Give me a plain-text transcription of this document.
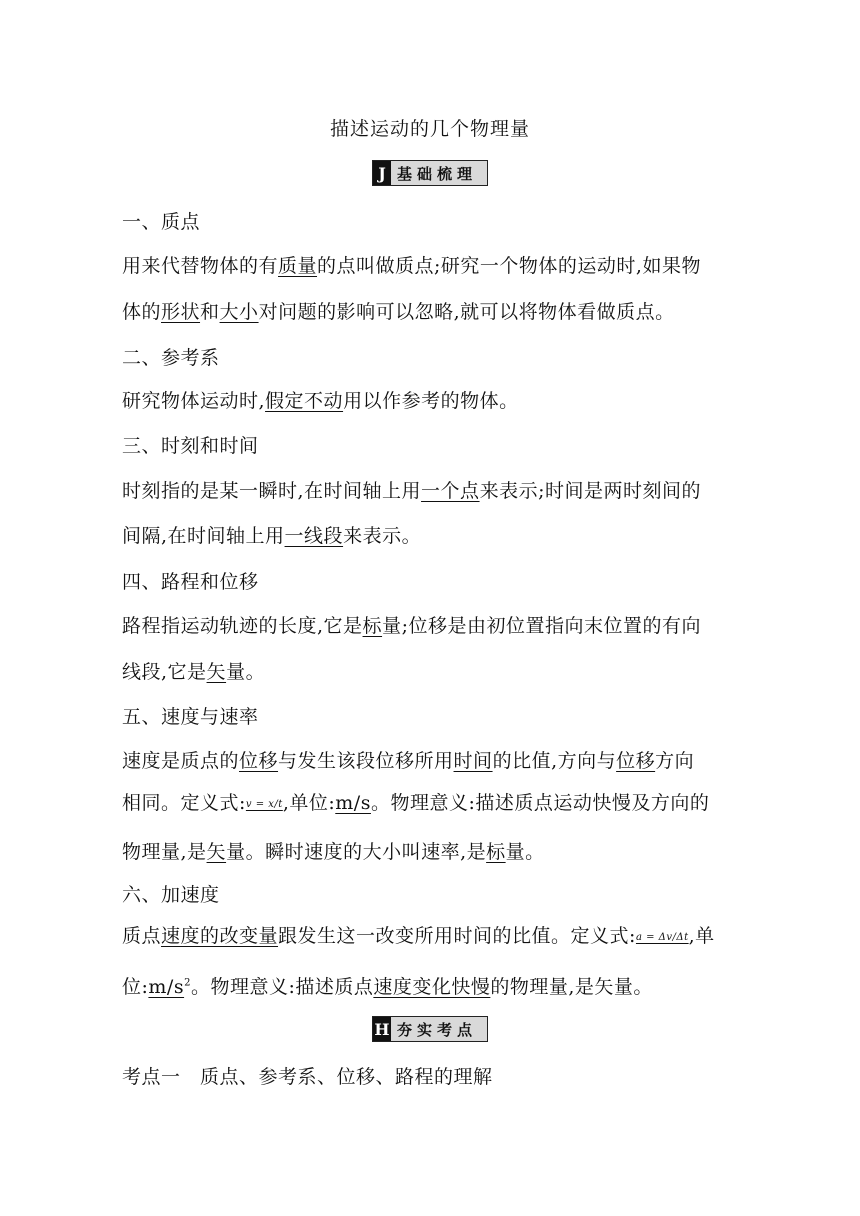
描述运动的几个物理量
J 基础梳理
一、质点
用来代替物体的有质量的点叫做质点;研究一个物体的运动时,如果物
体的形状和大小对问题的影响可以忽略,就可以将物体看做质点。
二、参考系
研究物体运动时,假定不动用以作参考的物体。
三、时刻和时间
时刻指的是某一瞬时,在时间轴上用一个点来表示;时间是两时刻间的
间隔,在时间轴上用一线段来表示。
四、路程和位移
路程指运动轨迹的长度,它是标量;位移是由初位置指向末位置的有向
线段,它是矢量。
五、速度与速率
速度是质点的位移与发生该段位移所用时间的比值,方向与位移方向
相同。定义式:v = x/t,单位:m/s。物理意义:描述质点运动快慢及方向的
物理量,是矢量。瞬时速度的大小叫速率,是标量。
六、加速度
质点速度的改变量跟发生这一改变所用时间的比值。定义式:a = Δv/Δt,单
位$:m/s^2$。物理意义:描述质点速度变化快慢的物理量,是矢量。
H 夯实考点
考点一　质点、参考系、位移、路程的理解
